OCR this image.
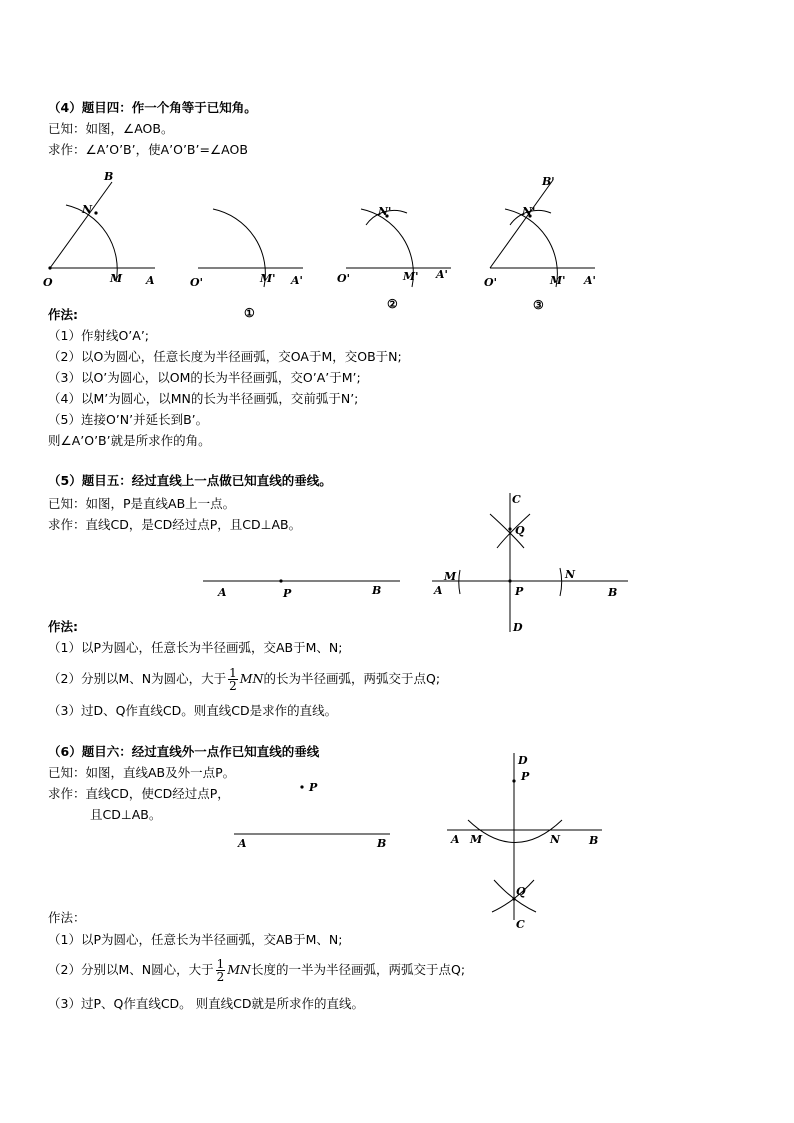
（4）题目四：作一个角等于已知角。
已知：如图，∠AOB。
求作：∠A’O’B’，使A’O’B’=∠AOB
O	M A
N
B
O'	M' A'
①
O'	M' A'
N'
②
O'	M' A'
N'
B'
③
作法:
（1）作射线O’A’;
（2）以O为圆心，任意长度为半径画弧，交OA于M，交OB于N;
（3）以O’为圆心，以OM的长为半径画弧，交O’A’于M’;
（4）以M’为圆心，以MN的长为半径画弧，交前弧于N’;
（5）连接O’N’并延长到B’。
则∠A’O’B’就是所求作的角。
（5）题目五：经过直线上一点做已知直线的垂线。
已知：如图，P是直线AB上一点。
求作：直线CD，是CD经过点P，且CD⊥AB。
A	P	B
C
Q
M	N
A	P	B
D
作法:
（1）以P为圆心，任意长为半径画弧，交AB于M、N;
（2）分别以M、N为圆心，大于 $\frac{1}{2}$ MN的长为半径画弧，两弧交于点Q;
（3）过D、Q作直线CD。则直线CD是求作的直线。
（6）题目六：经过直线外一点作已知直线的垂线
已知：如图，直线AB及外一点P。
求作：直线CD，使CD经过点P，
且CD⊥AB。
P
A	B
D
P
A M	N	B
Q
C
作法：
（1）以P为圆心，任意长为半径画弧，交AB于M、N;
（2）分别以M、N圆心，大于 $\frac{1}{2}$ MN长度的一半为半径画弧，两弧交于点Q;
（3）过P、Q作直线CD。 则直线CD就是所求作的直线。
